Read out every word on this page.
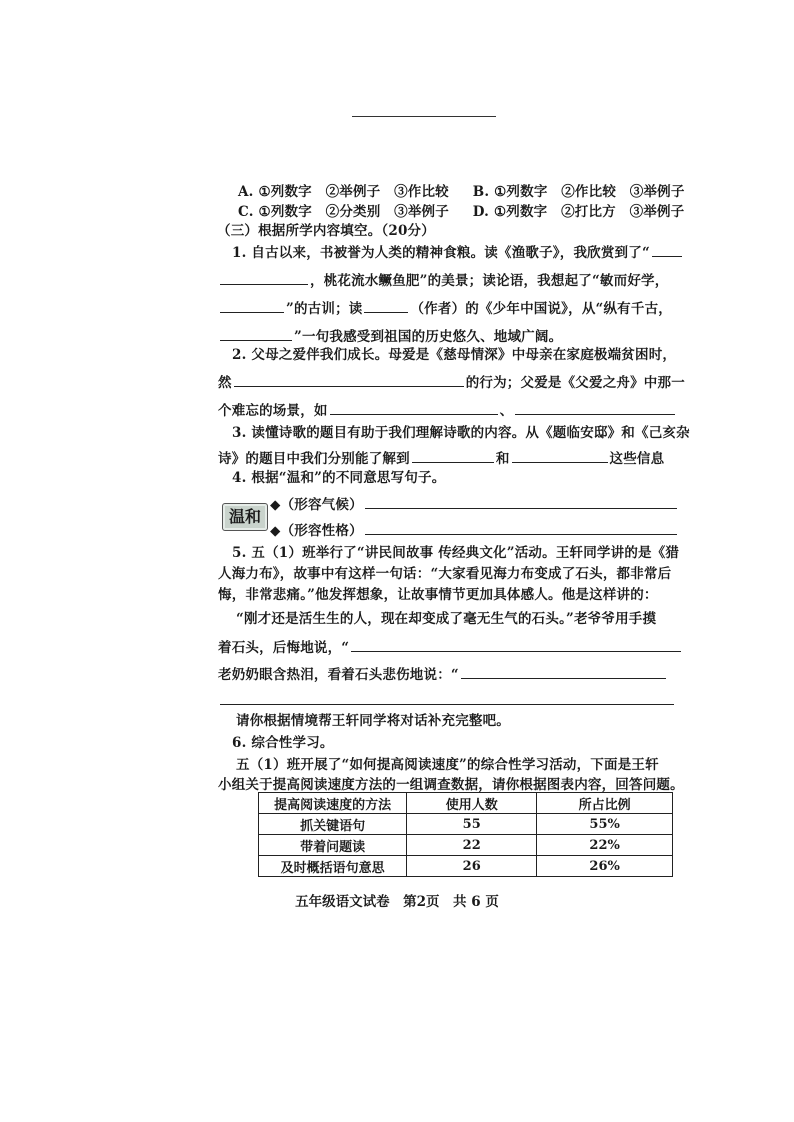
A. ①列数字　②举例子　③作比较 B. ①列数字　②作比较　③举例子
C. ①列数字　②分类别　③举例子 D. ①列数字　②打比方　③举例子
（三）根据所学内容填空。（20分）
1. 自古以来，书被誉为人类的精神食粮。读《渔歌子》，我欣赏到了“
，桃花流水鳜鱼肥”的美景；读论语，我想起了“敏而好学，
”的古训；读	（作者）的《少年中国说》，从“纵有千古，
”一句我感受到祖国的历史悠久、地域广阔。
2. 父母之爱伴我们成长。母爱是《慈母情深》中母亲在家庭极端贫困时，
然	的行为；父爱是《父爱之舟》中那一
个难忘的场景，如	、
3. 读懂诗歌的题目有助于我们理解诗歌的内容。从《题临安邸》和《己亥杂
诗》的题目中我们分别能了解到	和	这些信息
4. 根据“温和”的不同意思写句子。
温和
◆（形容气候）
◆（形容性格）
5. 五（1）班举行了“讲民间故事 传经典文化”活动。王轩同学讲的是《猎
人海力布》，故事中有这样一句话：“大家看见海力布变成了石头，都非常后
悔，非常悲痛。”他发挥想象，让故事情节更加具体感人。他是这样讲的：
“刚才还是活生生的人，现在却变成了毫无生气的石头。”老爷爷用手摸
着石头，后悔地说，“
老奶奶眼含热泪，看着石头悲伤地说：“
请你根据情境帮王轩同学将对话补充完整吧。
6. 综合性学习。
五（1）班开展了“如何提高阅读速度”的综合性学习活动，下面是王轩
小组关于提高阅读速度方法的一组调查数据，请你根据图表内容，回答问题。
提高阅读速度的方法	使用人数	所占比例
抓关键语句	55	55%
带着问题读	22	22%
及时概括语句意思	26	26%
五年级语文试卷　第2页　共 6 页
